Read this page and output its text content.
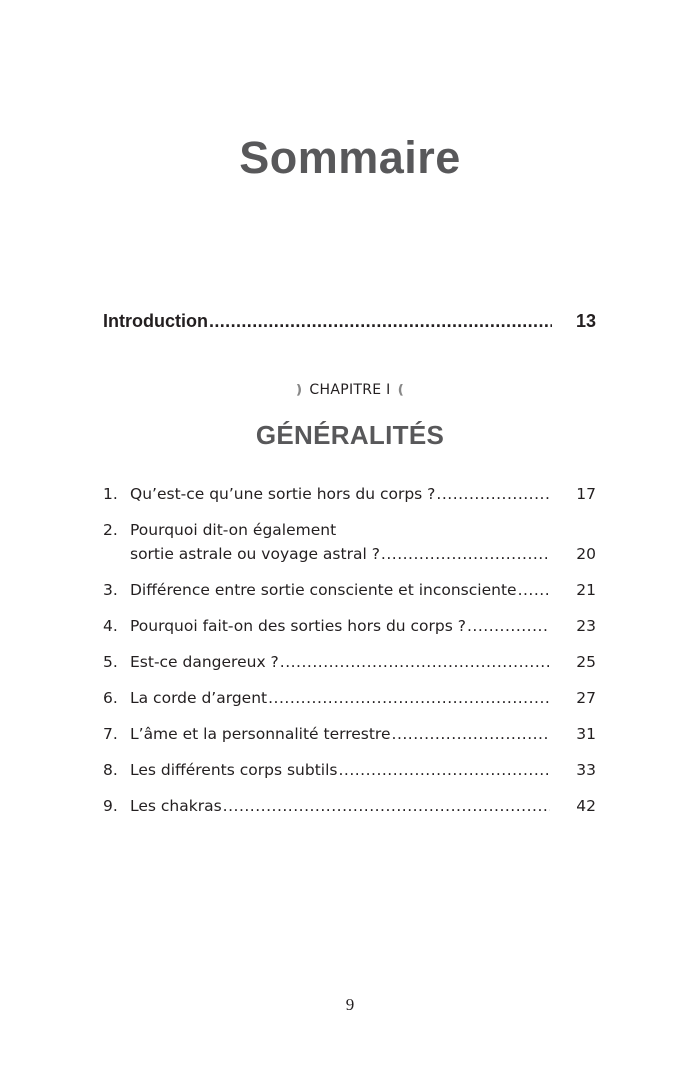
Sommaire
Introduction .....	13
❫ CHAPITRE I ❪
GÉNÉRALITÉS
1. Qu’est-ce qu’une sortie hors du corps ? .....	17
2. Pourquoi dit-on également
sortie astrale ou voyage astral ? .....	20
3. Différence entre sortie consciente et inconsciente .....	21
4. Pourquoi fait-on des sorties hors du corps ? .....	23
5. Est-ce dangereux ? .....	25
6. La corde d’argent .....	27
7. L’âme et la personnalité terrestre .....	31
8. Les différents corps subtils .....	33
9. Les chakras .....	42
9
